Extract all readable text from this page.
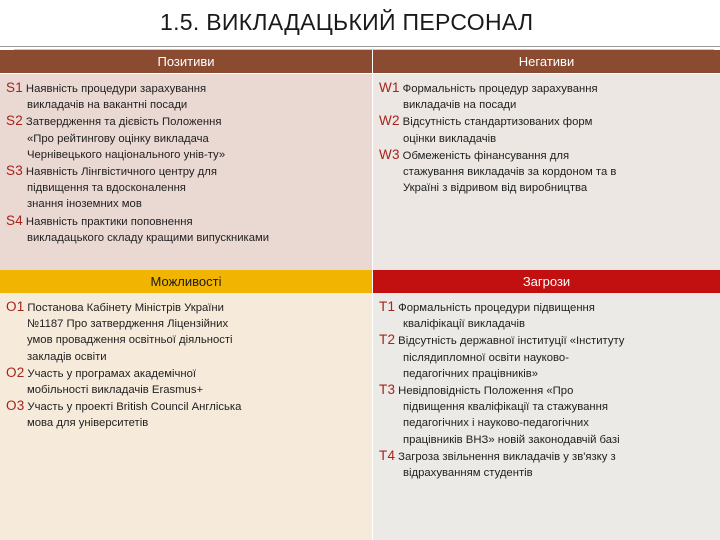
1.5. ВИКЛАДАЦЬКИЙ ПЕРСОНАЛ
Позитиви	Негативи
S1 Наявність процедури зарахування
викладачів на вакантні посади
S2 Затвердження та дієвість Положення
«Про рейтингову оцінку викладача
Чернівецького національного унів-ту»
S3 Наявність Лінгвістичного центру для
підвищення та вдосконалення
знання іноземних мов
S4 Наявність практики поповнення
викладацького складу кращими випускниками
W1 Формальність процедур зарахування
викладачів на посади
W2 Відсутність стандартизованих форм
оцінки викладачів
W3 Обмеженість фінансування для
стажування викладачів за кордоном та в
Україні з відривом від виробництва
Можливості	Загрози
O1 Постанова Кабінету Міністрів України
№1187 Про затвердження Ліцензійних
умов провадження освітньої діяльності
закладів освіти
O2 Участь у програмах академічної
мобільності викладачів Erasmus+
O3 Участь у проекті British Council Англіська
мова для університетів
T1 Формальність процедури підвищення
кваліфікації викладачів
T2 Відсутність державної інституції «Інституту
післядипломної освіти науково-
педагогічних працівників»
T3 Невідповідність Положення «Про
підвищення кваліфікації та стажування
педагогічних і науково-педагогічних
працівників ВНЗ» новій законодавчій базі
T4 Загроза звільнення викладачів у зв'язку з
відрахуванням студентів
